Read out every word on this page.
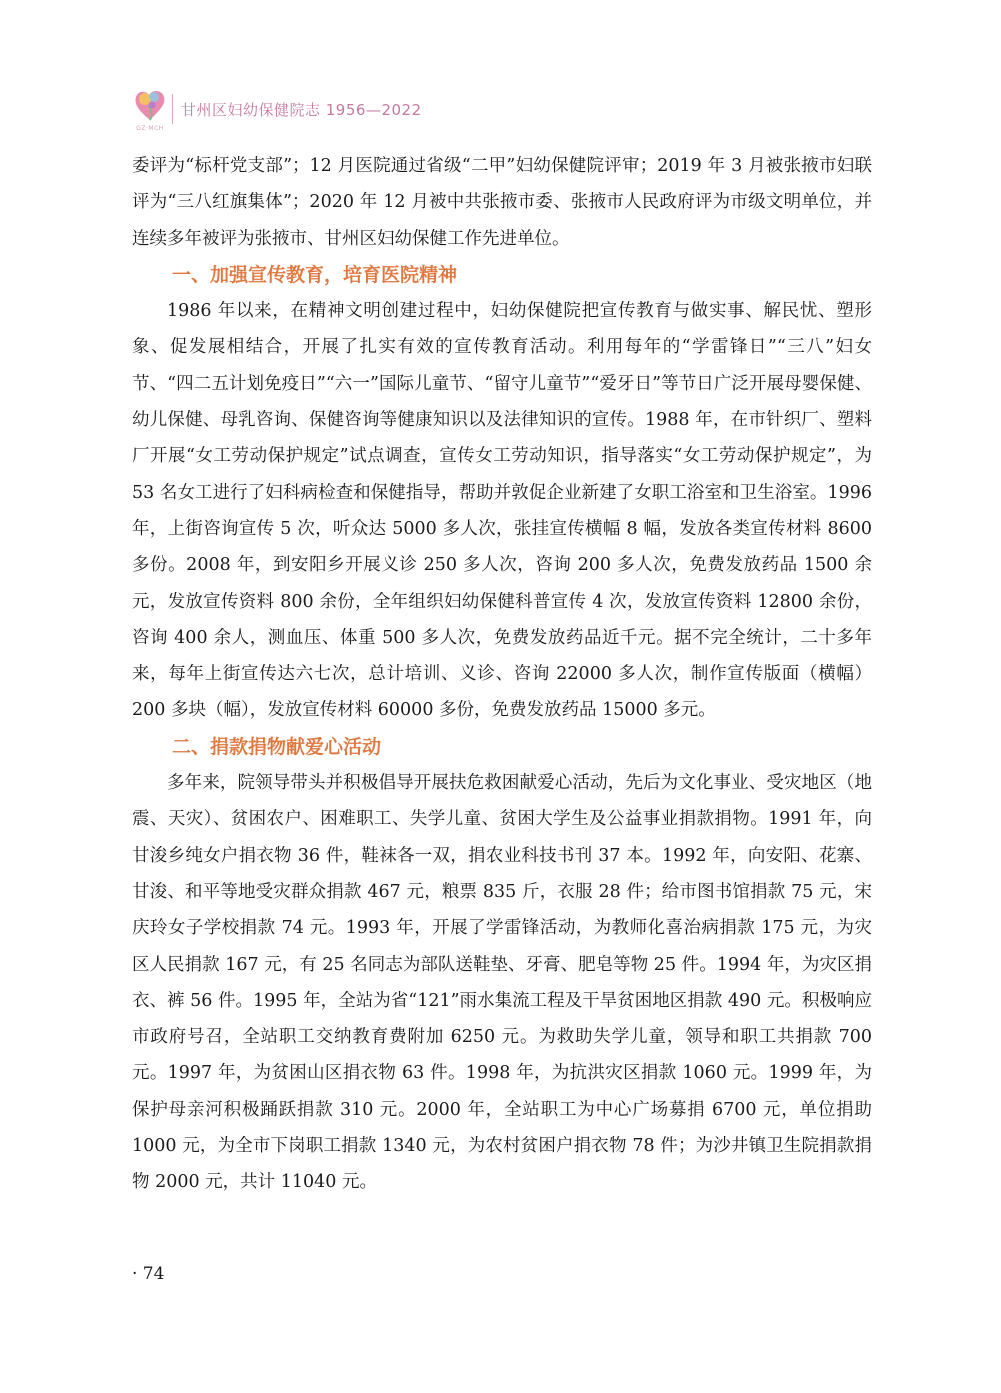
GZ·MCH
甘州区妇幼保健院志 1956—2022

委评为“标杆党支部”；12 月医院通过省级“二甲”妇幼保健院评审；2019 年 3 月被张掖市妇联评为“三八红旗集体”；2020 年 12 月被中共张掖市委、张掖市人民政府评为市级文明单位，并连续多年被评为张掖市、甘州区妇幼保健工作先进单位。

一、加强宣传教育，培育医院精神

1986 年以来，在精神文明创建过程中，妇幼保健院把宣传教育与做实事、解民忧、塑形象、促发展相结合，开展了扎实有效的宣传教育活动。利用每年的“学雷锋日”“三八”妇女节、“四二五计划免疫日”“六一”国际儿童节、“留守儿童节”“爱牙日”等节日广泛开展母婴保健、幼儿保健、母乳咨询、保健咨询等健康知识以及法律知识的宣传。1988 年，在市针织厂、塑料厂开展“女工劳动保护规定”试点调查，宣传女工劳动知识，指导落实“女工劳动保护规定”，为 53 名女工进行了妇科病检查和保健指导，帮助并敦促企业新建了女职工浴室和卫生浴室。1996 年，上街咨询宣传 5 次，听众达 5000 多人次，张挂宣传横幅 8 幅，发放各类宣传材料 8600 多份。2008 年，到安阳乡开展义诊 250 多人次，咨询 200 多人次，免费发放药品 1500 余元，发放宣传资料 800 余份，全年组织妇幼保健科普宣传 4 次，发放宣传资料 12800 余份，咨询 400 余人，测血压、体重 500 多人次，免费发放药品近千元。据不完全统计，二十多年来，每年上街宣传达六七次，总计培训、义诊、咨询 22000 多人次，制作宣传版面（横幅）200 多块（幅），发放宣传材料 60000 多份，免费发放药品 15000 多元。

二、捐款捐物献爱心活动

多年来，院领导带头并积极倡导开展扶危救困献爱心活动，先后为文化事业、受灾地区（地震、天灾）、贫困农户、困难职工、失学儿童、贫困大学生及公益事业捐款捐物。1991 年，向甘浚乡纯女户捐衣物 36 件，鞋袜各一双，捐农业科技书刊 37 本。1992 年，向安阳、花寨、甘浚、和平等地受灾群众捐款 467 元，粮票 835 斤，衣服 28 件；给市图书馆捐款 75 元，宋庆玲女子学校捐款 74 元。1993 年，开展了学雷锋活动，为教师化喜治病捐款 175 元，为灾区人民捐款 167 元，有 25 名同志为部队送鞋垫、牙膏、肥皂等物 25 件。1994 年，为灾区捐衣、裤 56 件。1995 年，全站为省“121”雨水集流工程及干旱贫困地区捐款 490 元。积极响应市政府号召，全站职工交纳教育费附加 6250 元。为救助失学儿童，领导和职工共捐款 700 元。1997 年，为贫困山区捐衣物 63 件。1998 年，为抗洪灾区捐款 1060 元。1999 年，为保护母亲河积极踊跃捐款 310 元。2000 年，全站职工为中心广场募捐 6700 元，单位捐助 1000 元，为全市下岗职工捐款 1340 元，为农村贫困户捐衣物 78 件；为沙井镇卫生院捐款捐物 2000 元，共计 11040 元。

· 74
